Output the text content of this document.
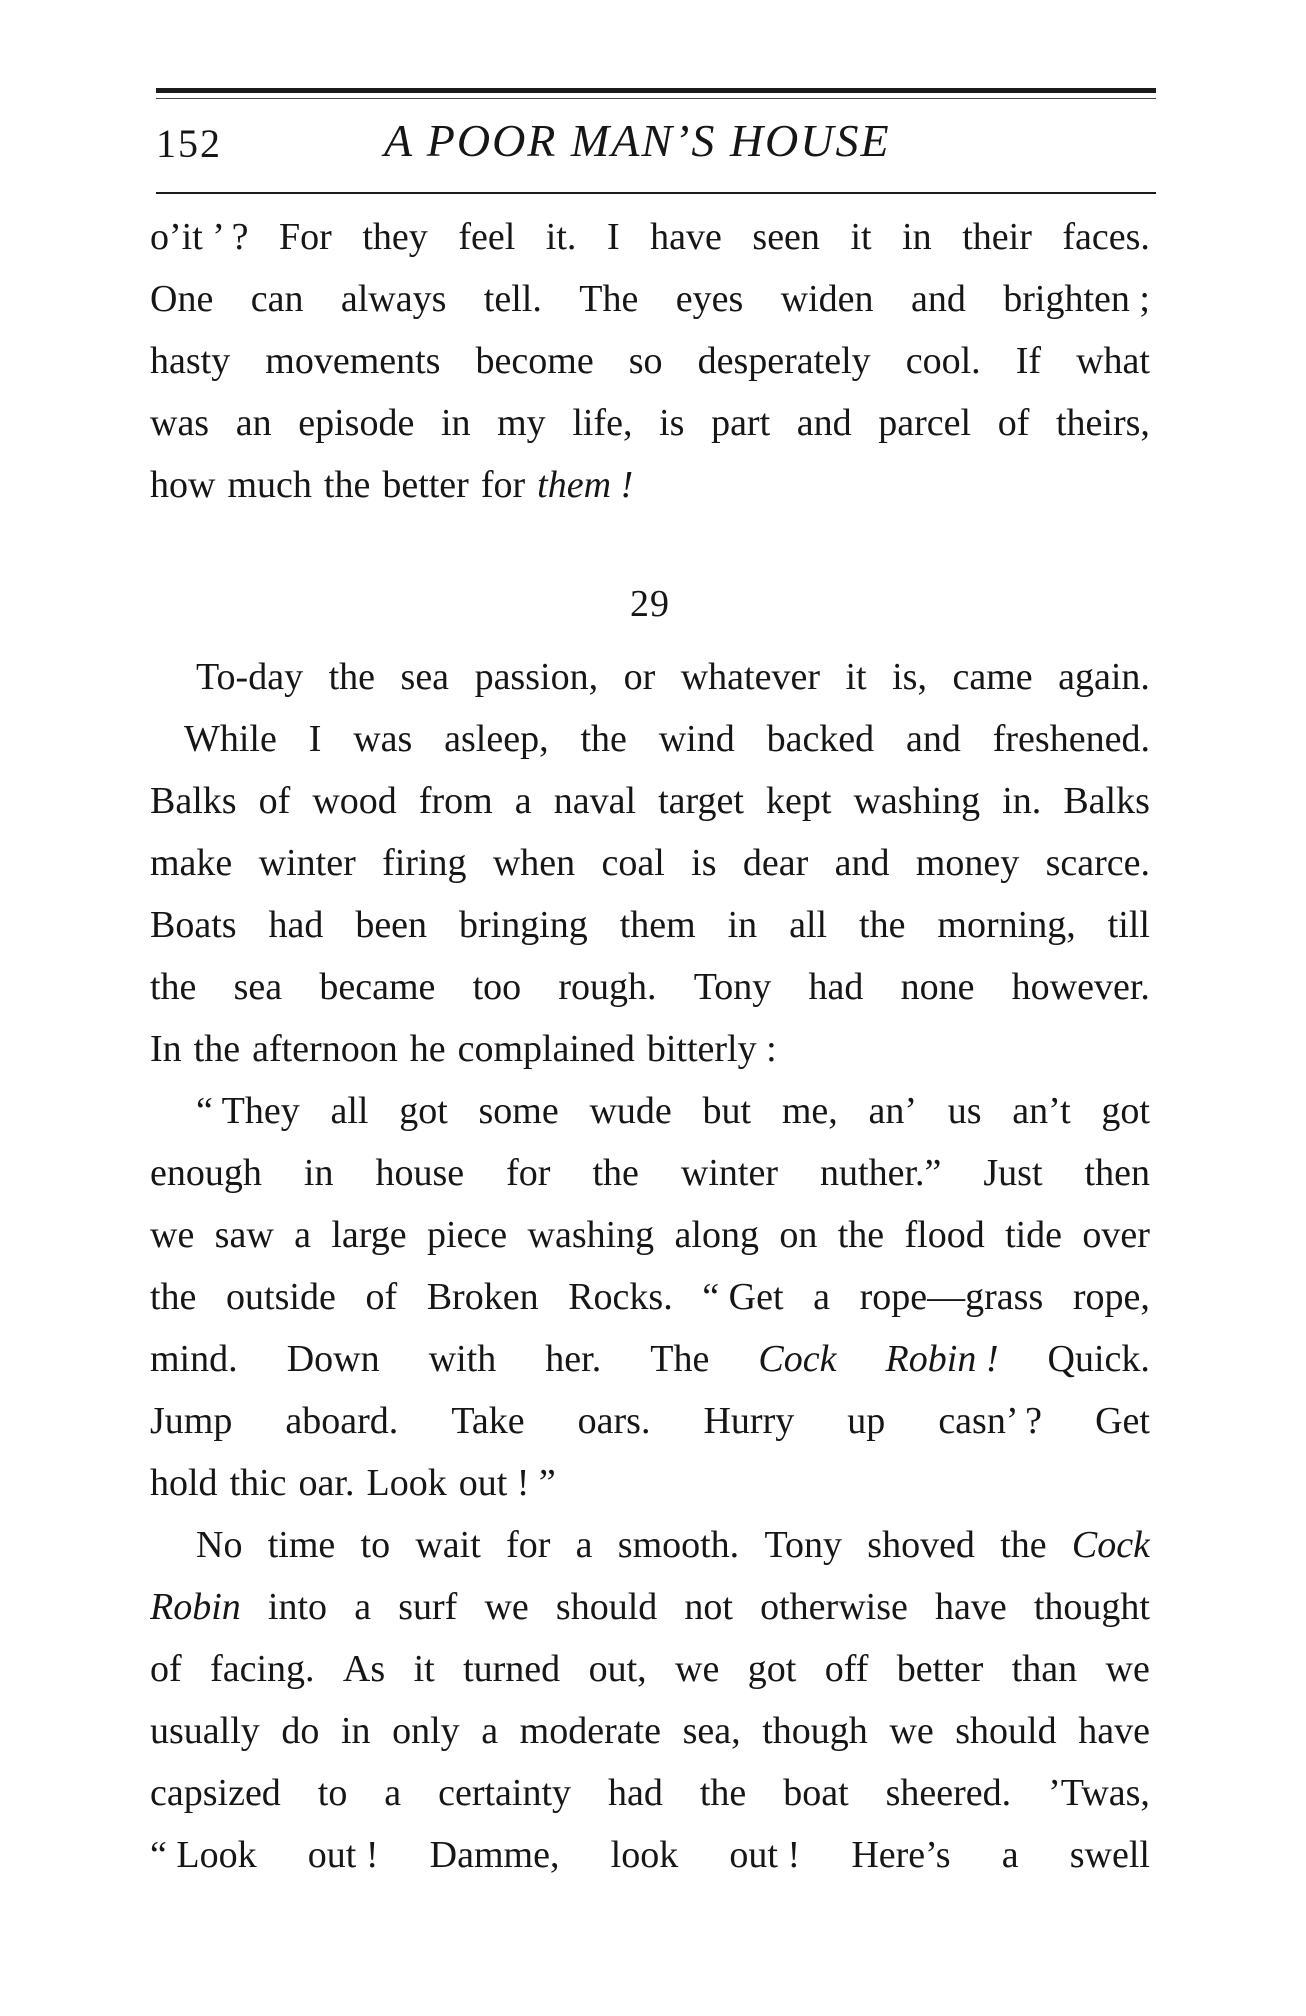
152	A POOR MAN’S HOUSE
o’it ’ ? For they feel it. I have seen it in their faces.
One can always tell. The eyes widen and brighten ;
hasty movements become so desperately cool. If what
was an episode in my life, is part and parcel of theirs,
how much the better for them !
29
To-day the sea passion, or whatever it is, came again.
While I was asleep, the wind backed and freshened.
Balks of wood from a naval target kept washing in. Balks
make winter firing when coal is dear and money scarce.
Boats had been bringing them in all the morning, till
the sea became too rough. Tony had none however.
In the afternoon he complained bitterly :
“ They all got some wude but me, an’ us an’t got
enough in house for the winter nuther.” Just then
we saw a large piece washing along on the flood tide over
the outside of Broken Rocks. “ Get a rope—grass rope,
mind. Down with her. The Cock Robin ! Quick.
Jump aboard. Take oars. Hurry up casn’ ? Get
hold thic oar. Look out ! ”
No time to wait for a smooth. Tony shoved the Cock
Robin into a surf we should not otherwise have thought
of facing. As it turned out, we got off better than we
usually do in only a moderate sea, though we should have
capsized to a certainty had the boat sheered. ’Twas,
“ Look out ! Damme, look out ! Here’s a swell
